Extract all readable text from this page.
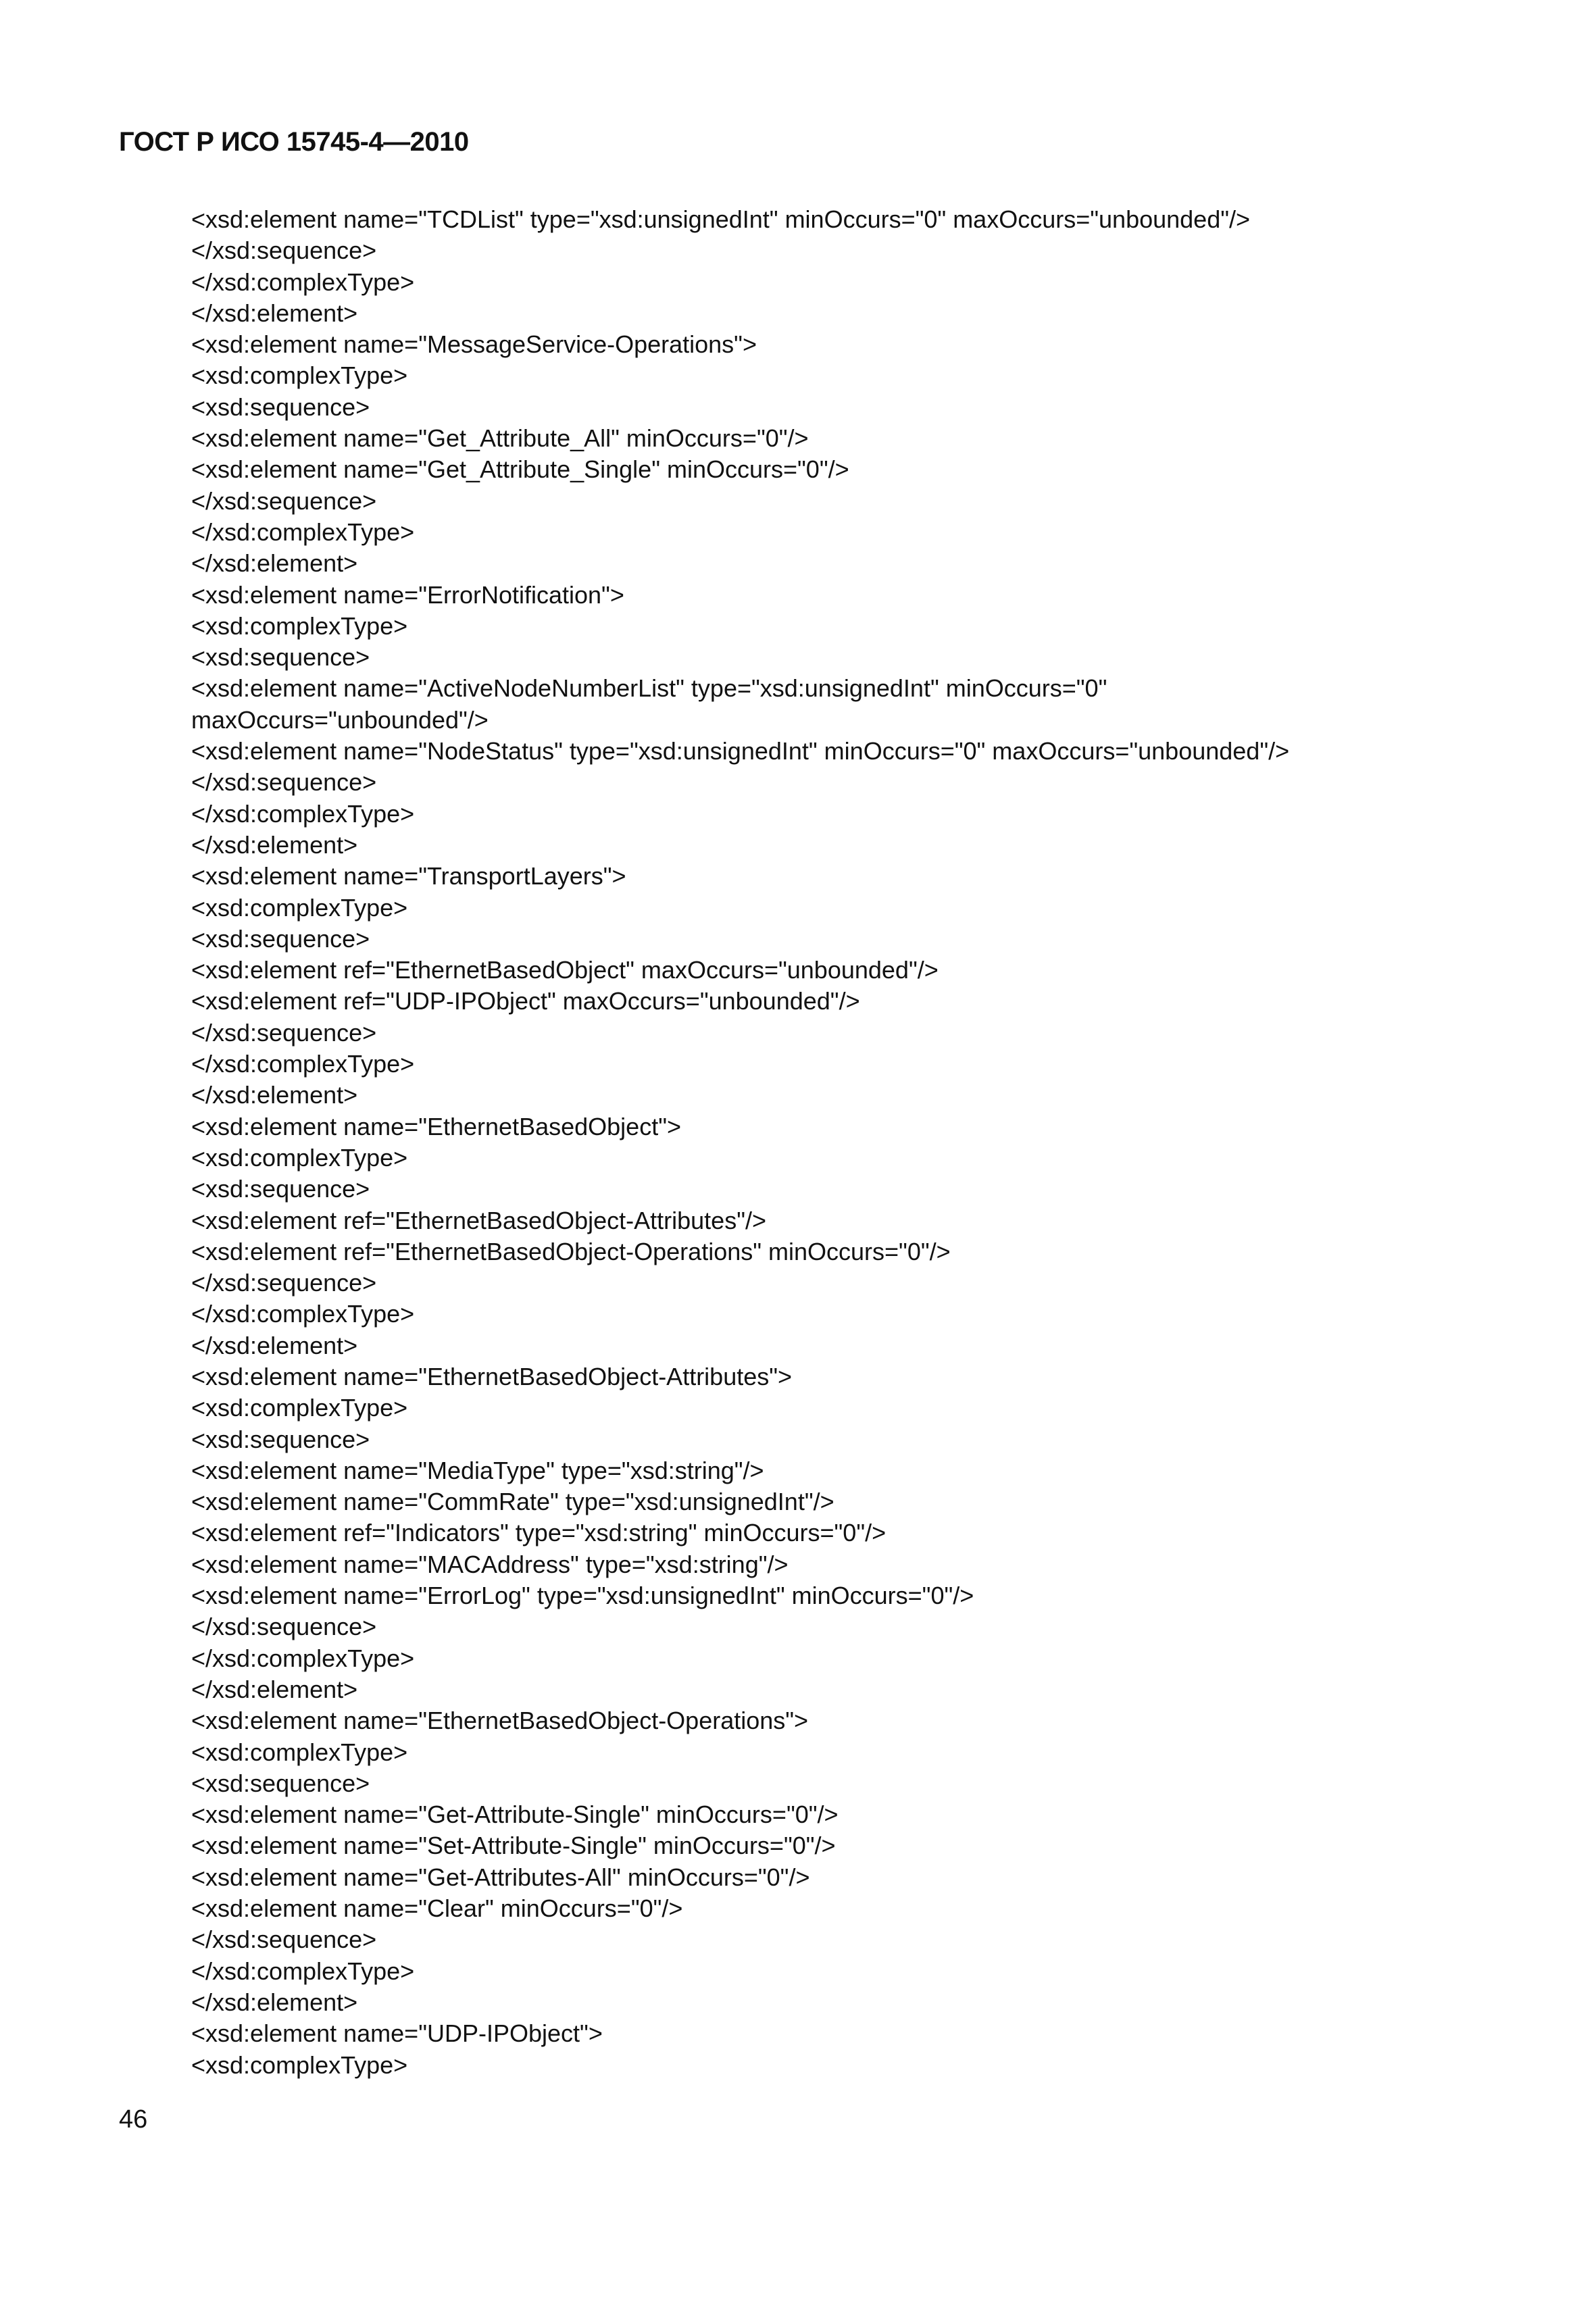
ГОСТ Р ИСО 15745-4—2010
<xsd:element name="TCDList" type="xsd:unsignedInt" minOccurs="0" maxOccurs="unbounded"/>
</xsd:sequence>
</xsd:complexType>
</xsd:element>
<xsd:element name="MessageService-Operations">
<xsd:complexType>
<xsd:sequence>
<xsd:element name="Get_Attribute_All" minOccurs="0"/>
<xsd:element name="Get_Attribute_Single" minOccurs="0"/>
</xsd:sequence>
</xsd:complexType>
</xsd:element>
<xsd:element name="ErrorNotification">
<xsd:complexType>
<xsd:sequence>
<xsd:element name="ActiveNodeNumberList" type="xsd:unsignedInt" minOccurs="0"
maxOccurs="unbounded"/>
<xsd:element name="NodeStatus" type="xsd:unsignedInt" minOccurs="0" maxOccurs="unbounded"/>
</xsd:sequence>
</xsd:complexType>
</xsd:element>
<xsd:element name="TransportLayers">
<xsd:complexType>
<xsd:sequence>
<xsd:element ref="EthernetBasedObject" maxOccurs="unbounded"/>
<xsd:element ref="UDP-IPObject" maxOccurs="unbounded"/>
</xsd:sequence>
</xsd:complexType>
</xsd:element>
<xsd:element name="EthernetBasedObject">
<xsd:complexType>
<xsd:sequence>
<xsd:element ref="EthernetBasedObject-Attributes"/>
<xsd:element ref="EthernetBasedObject-Operations" minOccurs="0"/>
</xsd:sequence>
</xsd:complexType>
</xsd:element>
<xsd:element name="EthernetBasedObject-Attributes">
<xsd:complexType>
<xsd:sequence>
<xsd:element name="MediaType" type="xsd:string"/>
<xsd:element name="CommRate" type="xsd:unsignedInt"/>
<xsd:element ref="Indicators" type="xsd:string" minOccurs="0"/>
<xsd:element name="MACAddress" type="xsd:string"/>
<xsd:element name="ErrorLog" type="xsd:unsignedInt" minOccurs="0"/>
</xsd:sequence>
</xsd:complexType>
</xsd:element>
<xsd:element name="EthernetBasedObject-Operations">
<xsd:complexType>
<xsd:sequence>
<xsd:element name="Get-Attribute-Single" minOccurs="0"/>
<xsd:element name="Set-Attribute-Single" minOccurs="0"/>
<xsd:element name="Get-Attributes-All" minOccurs="0"/>
<xsd:element name="Clear" minOccurs="0"/>
</xsd:sequence>
</xsd:complexType>
</xsd:element>
<xsd:element name="UDP-IPObject">
<xsd:complexType>
46
